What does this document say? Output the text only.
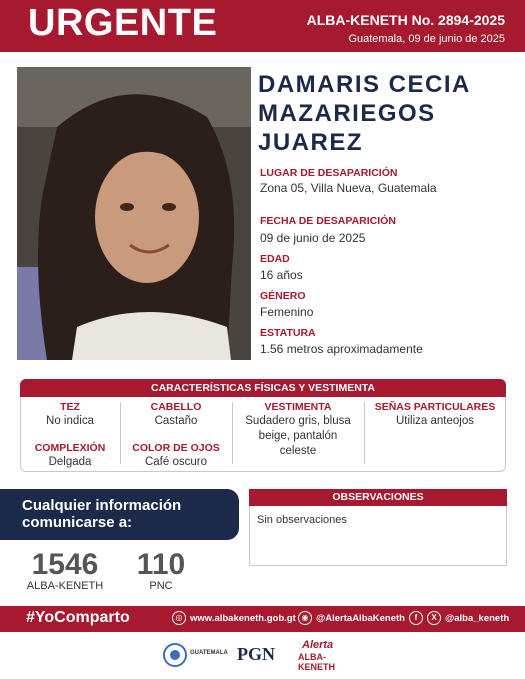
URGENTE	ALBA-KENETH No. 2894-2025
Guatemala, 09 de junio de 2025
DAMARIS CECIA
MAZARIEGOS
JUAREZ
LUGAR DE DESAPARICIÓN
Zona 05, Villa Nueva, Guatemala
FECHA DE DESAPARICIÓN
09 de junio de 2025
EDAD
16 años
GÉNERO
Femenino
ESTATURA
1.56 metros aproximadamente
CARACTERÍSTICAS FÍSICAS Y VESTIMENTA
TEZ
No indica
COMPLEXIÓN
Delgada
CABELLO
Castaño
COLOR DE OJOS
Café oscuro
VESTIMENTA
Sudadero gris, blusa
beige, pantalón
celeste
SEÑAS PARTICULARES
Utiliza anteojos
Cualquier información
comunicarse a:
1546
ALBA-KENETH
110
PNC
OBSERVACIONES
Sin observaciones
#YoComparto	◎ www.albakeneth.gob.gt ◉ @AlertaAlbaKeneth	f	X @alba_keneth
GUATEMALA PGN Alerta
ALBA-KENETH
